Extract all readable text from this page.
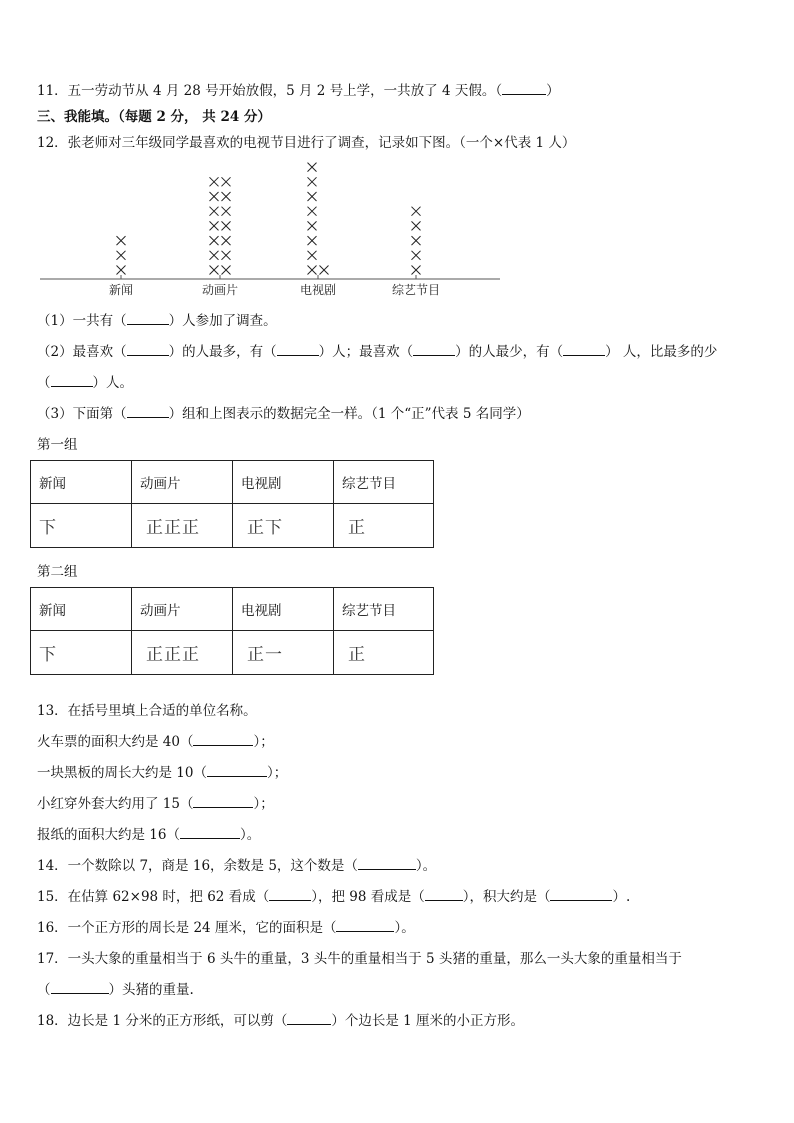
11．五一劳动节从 4 月 28 号开始放假，5 月 2 号上学，一共放了 4 天假。（	）
三、我能填。（每题 2 分， 共 24 分）
12．张老师对三年级同学最喜欢的电视节目进行了调查，记录如下图。（一个×代表 1 人）
新闻	动画片	电视剧	综艺节目
（1）一共有（	）人参加了调查。
（2）最喜欢（	）的人最多，有（	）人；最喜欢（	）的人最少，有（	） 人，比最多的少
（	）人。
（3）下面第（	）组和上图表示的数据完全一样。（1 个“正”代表 5 名同学）
第一组
新闻	动画片	电视剧	综艺节目
下	正正正	正下	正
第二组
新闻	动画片	电视剧	综艺节目
下	正正正	正一	正
13．在括号里填上合适的单位名称。
火车票的面积大约是 40（	）；
一块黑板的周长大约是 10（	）；
小红穿外套大约用了 15（	）；
报纸的面积大约是 16（	）。
14．一个数除以 7，商是 16，余数是 5，这个数是（	）。
15．在估算 62×98 时，把 62 看成（	），把 98 看成是（	），积大约是（	）.
16．一个正方形的周长是 24 厘米，它的面积是（	）。
17．一头大象的重量相当于 6 头牛的重量，3 头牛的重量相当于 5 头猪的重量，那么一头大象的重量相当于
（	）头猪的重量.
18．边长是 1 分米的正方形纸，可以剪（	）个边长是 1 厘米的小正方形。
